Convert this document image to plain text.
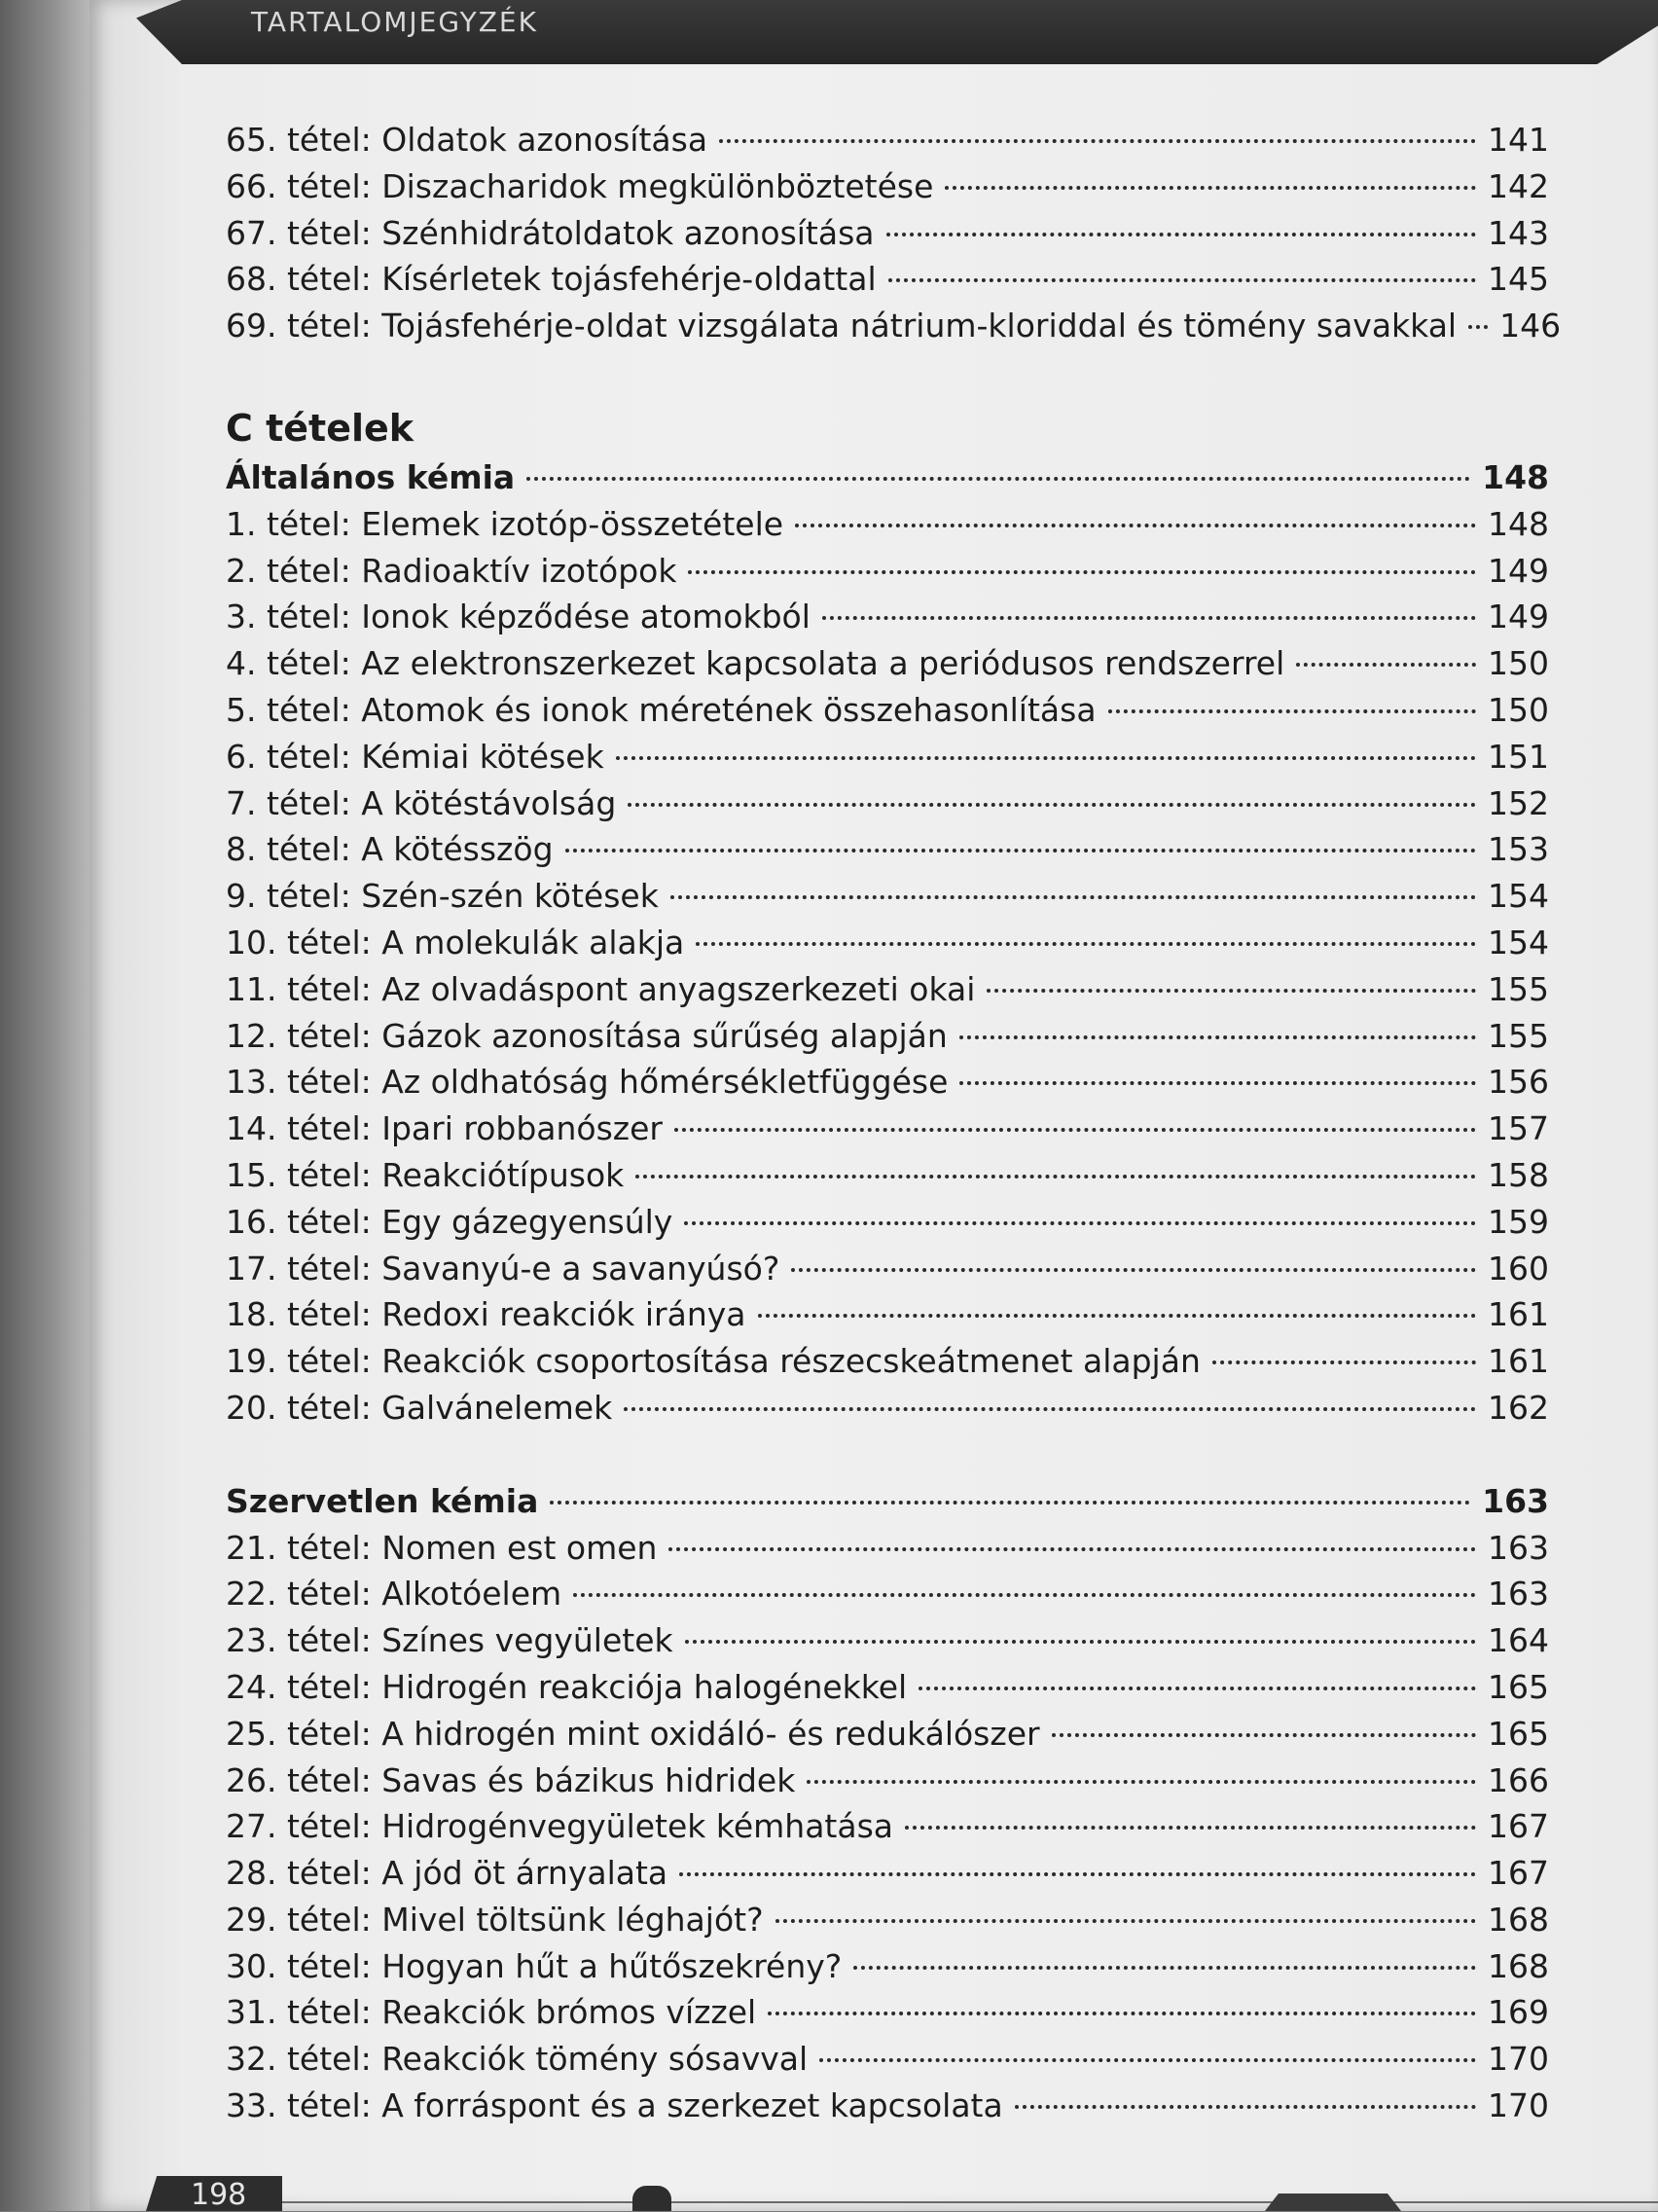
TARTALOMJEGYZÉK
65. tétel: Oldatok azonosítása	141
66. tétel: Diszacharidok megkülönböztetése	142
67. tétel: Szénhidrátoldatok azonosítása	143
68. tétel: Kísérletek tojásfehérje-oldattal	145
69. tétel: Tojásfehérje-oldat vizsgálata nátrium-kloriddal és tömény savakkal 146
C tételek
Általános kémia	148
1. tétel: Elemek izotóp-összetétele	148
2. tétel: Radioaktív izotópok	149
3. tétel: Ionok képződése atomokból	149
4. tétel: Az elektronszerkezet kapcsolata a periódusos rendszerrel	150
5. tétel: Atomok és ionok méretének összehasonlítása	150
6. tétel: Kémiai kötések	151
7. tétel: A kötéstávolság	152
8. tétel: A kötésszög	153
9. tétel: Szén-szén kötések	154
10. tétel: A molekulák alakja	154
11. tétel: Az olvadáspont anyagszerkezeti okai	155
12. tétel: Gázok azonosítása sűrűség alapján	155
13. tétel: Az oldhatóság hőmérsékletfüggése	156
14. tétel: Ipari robbanószer	157
15. tétel: Reakciótípusok	158
16. tétel: Egy gázegyensúly	159
17. tétel: Savanyú-e a savanyúsó?	160
18. tétel: Redoxi reakciók iránya	161
19. tétel: Reakciók csoportosítása részecskeátmenet alapján	161
20. tétel: Galvánelemek	162
Szervetlen kémia	163
21. tétel: Nomen est omen	163
22. tétel: Alkotóelem	163
23. tétel: Színes vegyületek	164
24. tétel: Hidrogén reakciója halogénekkel	165
25. tétel: A hidrogén mint oxidáló- és redukálószer	165
26. tétel: Savas és bázikus hidridek	166
27. tétel: Hidrogénvegyületek kémhatása	167
28. tétel: A jód öt árnyalata	167
29. tétel: Mivel töltsünk léghajót?	168
30. tétel: Hogyan hűt a hűtőszekrény?	168
31. tétel: Reakciók brómos vízzel	169
32. tétel: Reakciók tömény sósavval	170
33. tétel: A forráspont és a szerkezet kapcsolata	170
198
